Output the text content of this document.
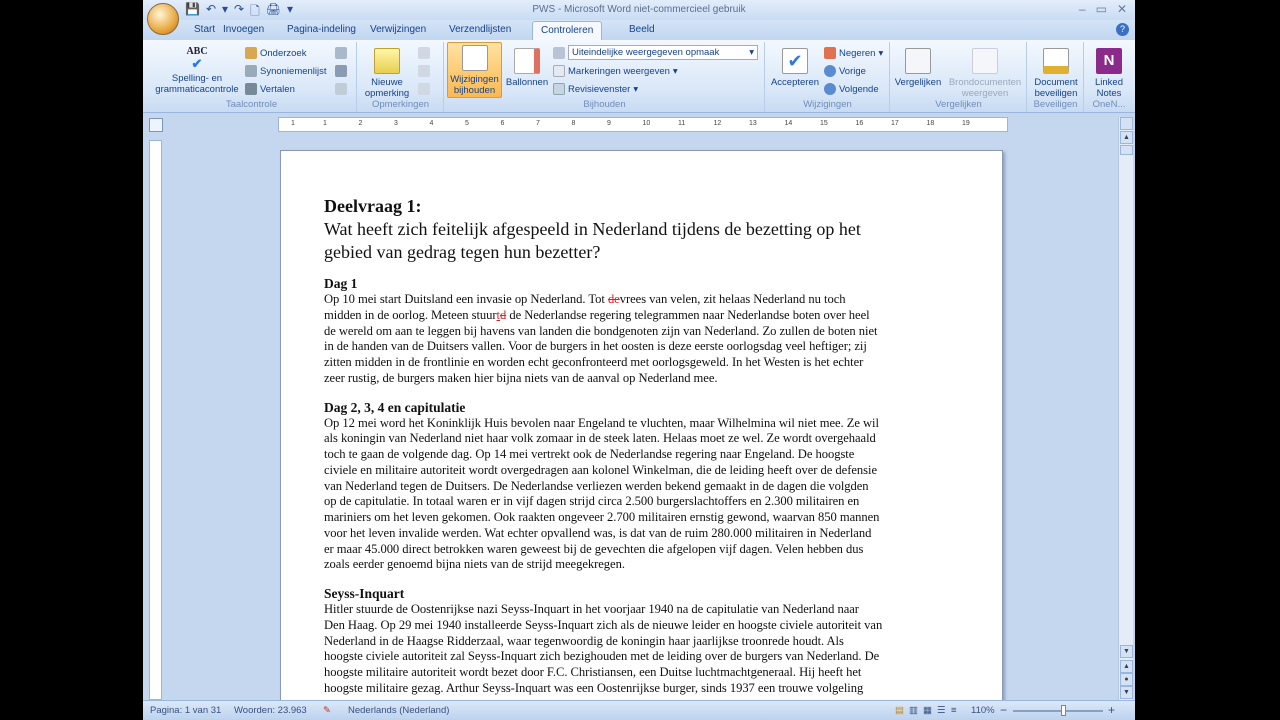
💾 ↶ ▾ ↷ 🗋 🖨 ▾	PWS - Microsoft Word niet-commercieel gebruik	– ▭ ✕
?
Start Invoegen Pagina-indeling Verwijzingen Verzendlijsten	Controleren	Beeld
ABC
✔
Spelling- en grammaticacontrole
Onderzoek
Synoniemenlijst
Vertalen
Taalcontrole
Nieuwe opmerking
Opmerkingen
Wijzigingen bijhouden
Ballonnen
Uiteindelijke weergegeven opmaak	▾
Markeringen weergeven ▾
Revisievenster ▾
Bijhouden
✔
Accepteren
Negeren ▾
Vorige
Volgende
Wijzigingen
Vergelijken Brondocumenten weergeven
Vergelijken
Document beveiligen
Beveiligen
N
Linked Notes
OneN...
1	1	2	3	4	5	6	7	8	9	10	11	12	13	14	15	16	17	18	19
Deelvraag 1:
Wat heeft zich feitelijk afgespeeld in Nederland tijdens de bezetting op het
gebied van gedrag tegen hun bezetter?
Dag 1
Op 10 mei start Duitsland een invasie op Nederland. Tot devrees van velen, zit helaas Nederland nu toch
midden in de oorlog. Meteen stuurtd de Nederlandse regering telegrammen naar Nederlandse boten over heel
de wereld om aan te leggen bij havens van landen die bondgenoten zijn van Nederland. Zo zullen de boten niet
in de handen van de Duitsers vallen. Voor de burgers in het oosten is deze eerste oorlogsdag veel heftiger; zij
zitten midden in de frontlinie en worden echt geconfronteerd met oorlogsgeweld. In het Westen is het echter
zeer rustig, de burgers maken hier bijna niets van de aanval op Nederland mee.
Dag 2, 3, 4 en capitulatie
Op 12 mei word het Koninklijk Huis bevolen naar Engeland te vluchten, maar Wilhelmina wil niet mee. Ze wil
als koningin van Nederland niet haar volk zomaar in de steek laten. Helaas moet ze wel. Ze wordt overgehaald
toch te gaan de volgende dag. Op 14 mei vertrekt ook de Nederlandse regering naar Engeland. De hoogste
civiele en militaire autoriteit wordt overgedragen aan kolonel Winkelman, die de leiding heeft over de defensie
van Nederland tegen de Duitsers. De Nederlandse verliezen werden bekend gemaakt in de dagen die volgden
op de capitulatie. In totaal waren er in vijf dagen strijd circa 2.500 burgerslachtoffers en 2.300 militairen en
mariniers om het leven gekomen. Ook raakten ongeveer 2.700 militairen ernstig gewond, waarvan 850 mannen
voor het leven invalide werden. Wat echter opvallend was, is dat van de ruim 280.000 militairen in Nederland
er maar 45.000 direct betrokken waren geweest bij de gevechten die afgelopen vijf dagen. Velen hebben dus
zoals eerder genoemd bijna niets van de strijd meegekregen.
Seyss-Inquart
Hitler stuurde de Oostenrijkse nazi Seyss-Inquart in het voorjaar 1940 na de capitulatie van Nederland naar
Den Haag. Op 29 mei 1940 installeerde Seyss-Inquart zich als de nieuwe leider en hoogste civiele autoriteit van
Nederland in de Haagse Ridderzaal, waar tegenwoordig de koningin haar jaarlijkse troonrede houdt. Als
hoogste civiele autoriteit zal Seyss-Inquart zich bezighouden met de leiding over de burgers van Nederland. De
hoogste militaire autoriteit wordt bezet door F.C. Christiansen, een Duitse luchtmachtgeneraal. Hij heeft het
hoogste militaire gezag. Arthur Seyss-Inquart was een Oostenrijkse burger, sinds 1937 een trouwe volgeling
▲
▼
▲
●
▼
Pagina: 1 van 31 Woorden: 23.963 ✎ Nederlands (Nederland)	▤ ▥ ▦ ☰ ≡ 110% −	+
